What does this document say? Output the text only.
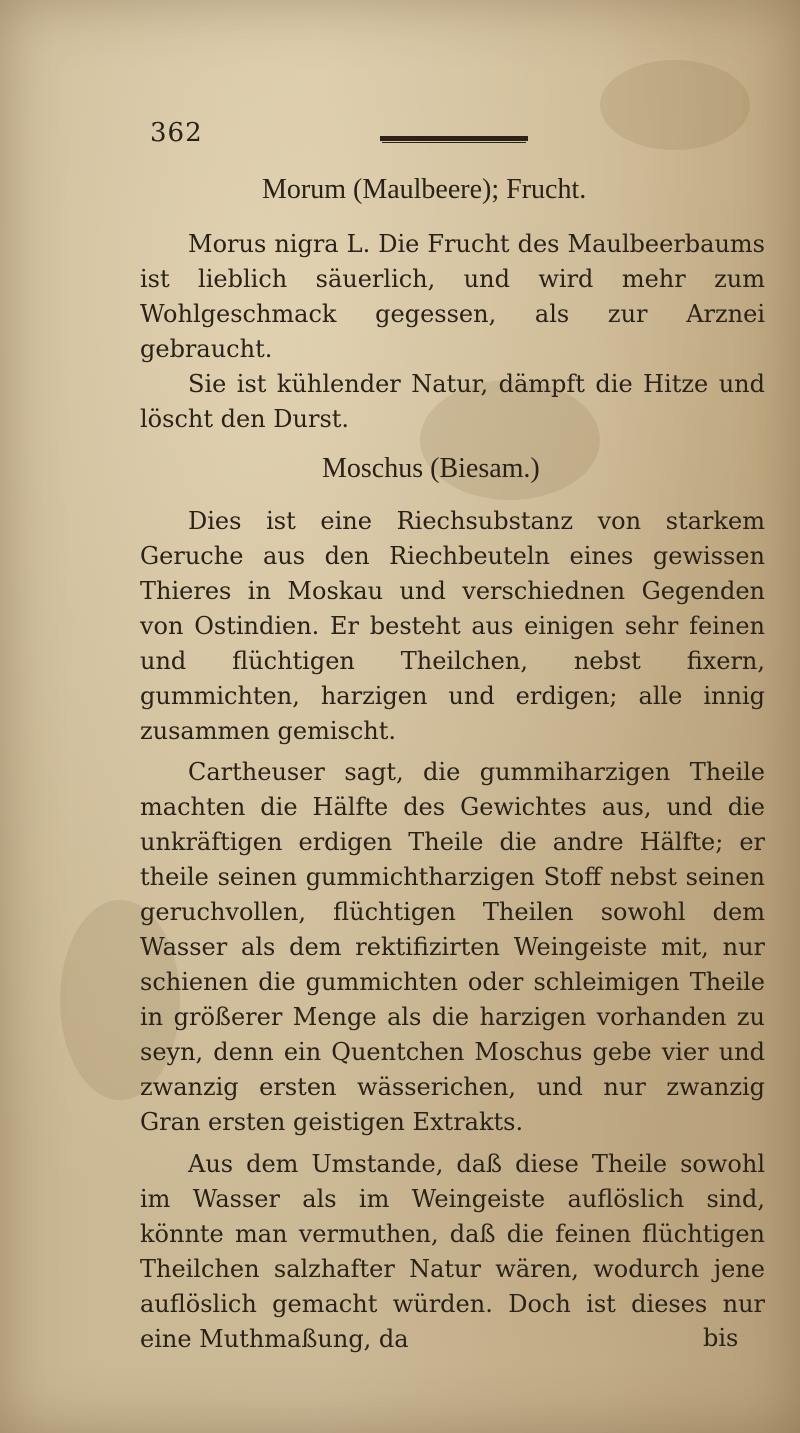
362
Morum (Maulbeere); Frucht.

Morus nigra L. Die Frucht des Maulbeerbaums ist lieblich säuerlich, und wird mehr zum Wohlgeschmack gegessen, als zur Arznei gebraucht.

Sie ist kühlender Natur, dämpft die Hitze und löscht den Durst.

Moschus (Biesam.)

Dies ist eine Riechsubstanz von starkem Geruche aus den Riechbeuteln eines gewissen Thieres in Moskau und verschiednen Gegenden von Ostindien. Er besteht aus einigen sehr feinen und flüchtigen Theilchen, nebst fixern, gummichten, harzigen und erdigen; alle innig zusammen gemischt.

Cartheuser sagt, die gummiharzigen Theile machten die Hälfte des Gewichtes aus, und die unkräftigen erdigen Theile die andre Hälfte; er theile seinen gummichtharzigen Stoff nebst seinen geruchvollen, flüchtigen Theilen sowohl dem Wasser als dem rektifizirten Weingeiste mit, nur schienen die gummichten oder schleimigen Theile in größerer Menge als die harzigen vorhanden zu seyn, denn ein Quentchen Moschus gebe vier und zwanzig ersten wässerichen, und nur zwanzig Gran ersten geistigen Extrakts.

Aus dem Umstande, daß diese Theile sowohl im Wasser als im Weingeiste auflöslich sind, könnte man vermuthen, daß die feinen flüchtigen Theilchen salzhafter Natur wären, wodurch jene auflöslich gemacht würden. Doch ist dieses nur eine Muthmaßung, da	bis
